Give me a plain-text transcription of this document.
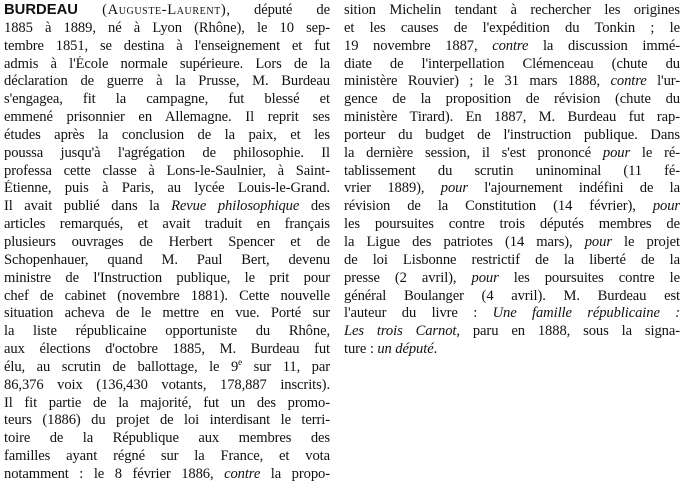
BURDEAU (Auguste-Laurent), député de
1885 à 1889, né à Lyon (Rhône), le 10 sep-
tembre 1851, se destina à l'enseignement et fut
admis à l'École normale supérieure. Lors de la
déclaration de guerre à la Prusse, M. Burdeau
s'engagea, fit la campagne, fut blessé et
emmené prisonnier en Allemagne. Il reprit ses
études après la conclusion de la paix, et les
poussa jusqu'à l'agrégation de philosophie. Il
professa cette classe à Lons-le-Saulnier, à Saint-
Étienne, puis à Paris, au lycée Louis-le-Grand.
Il avait publié dans la Revue philosophique des
articles remarqués, et avait traduit en français
plusieurs ouvrages de Herbert Spencer et de
Schopenhauer, quand M. Paul Bert, devenu
ministre de l'Instruction publique, le prit pour
chef de cabinet (novembre 1881). Cette nouvelle
situation acheva de le mettre en vue. Porté sur
la liste républicaine opportuniste du Rhône,
aux élections d'octobre 1885, M. Burdeau fut
élu, au scrutin de ballottage, le 9e sur 11, par
86,376 voix (136,430 votants, 178,887 inscrits).
Il fit partie de la majorité, fut un des promo-
teurs (1886) du projet de loi interdisant le terri-
toire de la République aux membres des
familles ayant régné sur la France, et vota
notamment : le 8 février 1886, contre la propo-
sition Michelin tendant à rechercher les origines
et les causes de l'expédition du Tonkin ; le
19 novembre 1887, contre la discussion immé-
diate de l'interpellation Clémenceau (chute du
ministère Rouvier) ; le 31 mars 1888, contre l'ur-
gence de la proposition de révision (chute du
ministère Tirard). En 1887, M. Burdeau fut rap-
porteur du budget de l'instruction publique. Dans
la dernière session, il s'est prononcé pour le ré-
tablissement du scrutin uninominal (11 fé-
vrier 1889), pour l'ajournement indéfini de la
révision de la Constitution (14 février), pour
les poursuites contre trois députés membres de
la Ligue des patriotes (14 mars), pour le projet
de loi Lisbonne restrictif de la liberté de la
presse (2 avril), pour les poursuites contre le
général Boulanger (4 avril). M. Burdeau est
l'auteur du livre : Une famille républicaine :
Les trois Carnot, paru en 1888, sous la signa-
ture : un député.
